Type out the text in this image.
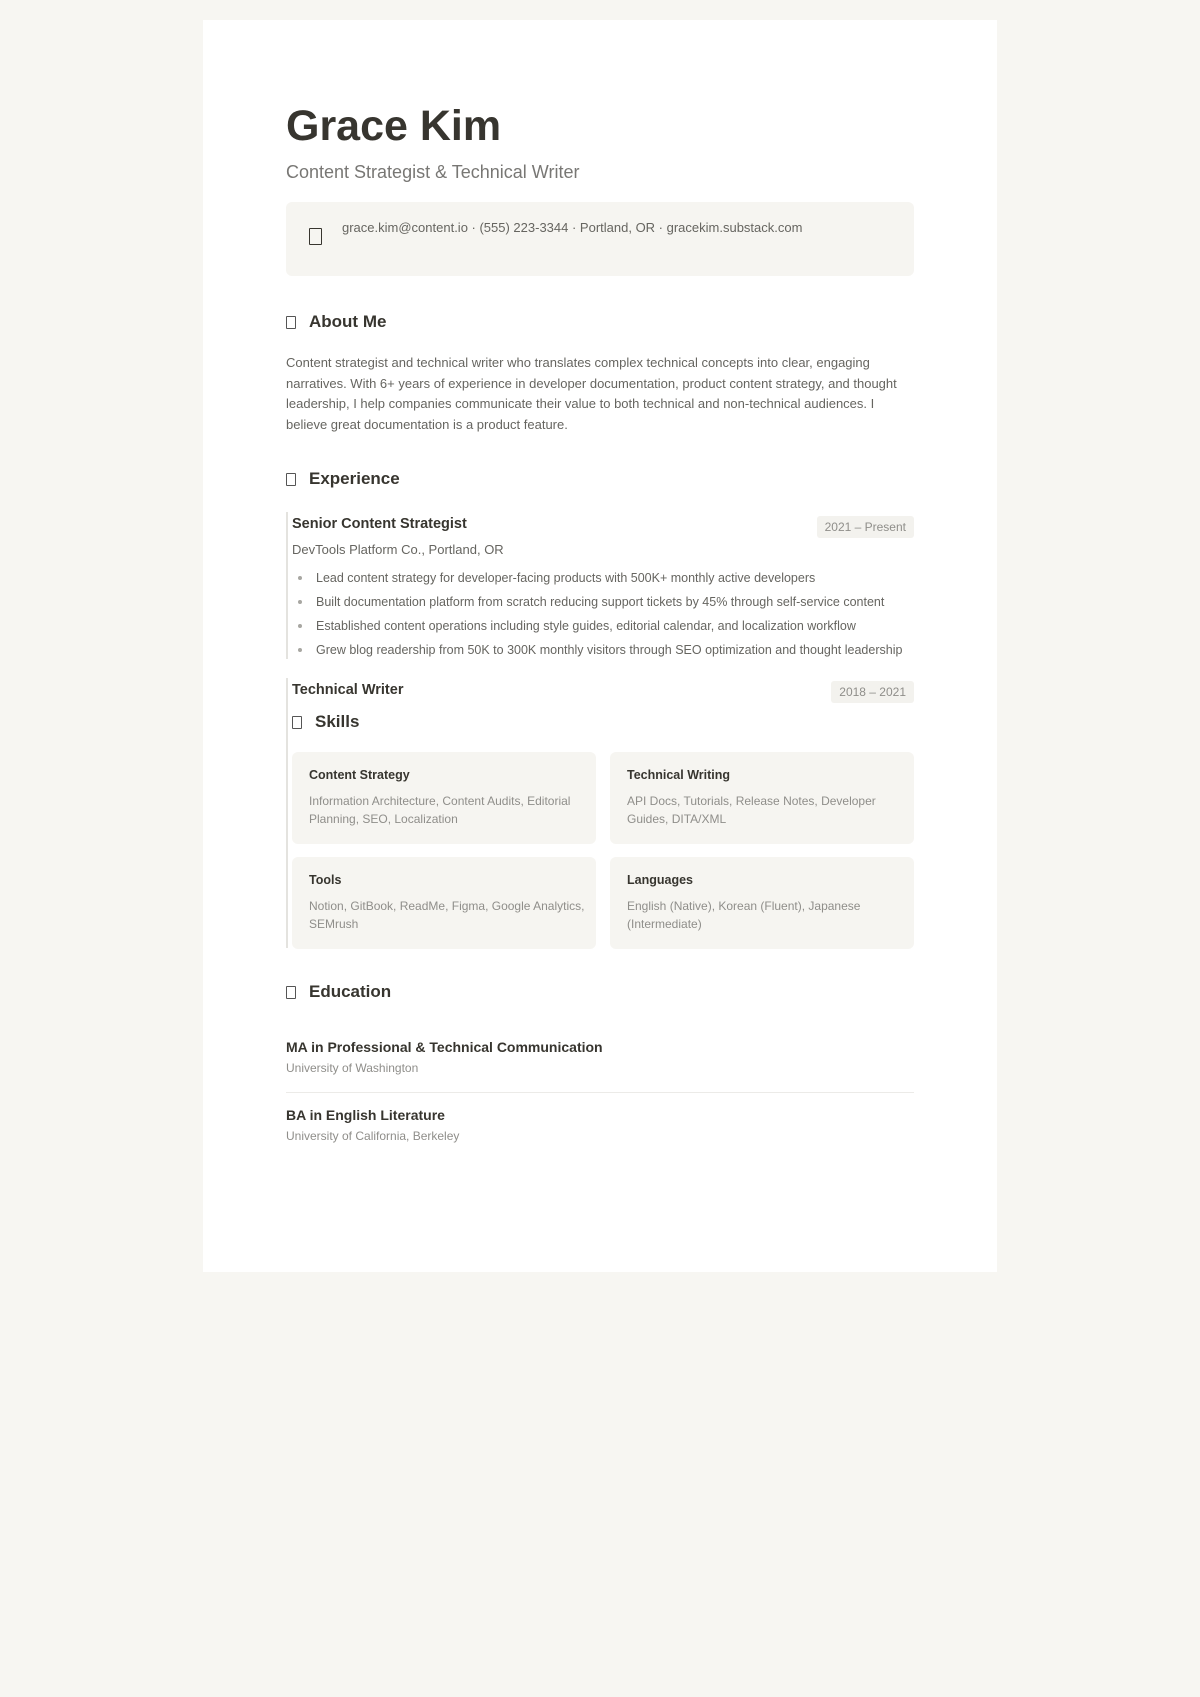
Grace Kim
Content Strategist & Technical Writer
grace.kim@content.io · (555) 223-3344 · Portland, OR · gracekim.substack.com
About Me
Content strategist and technical writer who translates complex technical concepts into clear, engaging narratives. With 6+ years of experience in developer documentation, product content strategy, and thought leadership, I help companies communicate their value to both technical and non-technical audiences. I believe great documentation is a product feature.
Experience
Senior Content Strategist	2021 – Present
DevTools Platform Co., Portland, OR
Lead content strategy for developer-facing products with 500K+ monthly active developers
Built documentation platform from scratch reducing support tickets by 45% through self-service content
Established content operations including style guides, editorial calendar, and localization workflow
Grew blog readership from 50K to 300K monthly visitors through SEO optimization and thought leadership
Technical Writer	2018 – 2021
Skills
Content Strategy
Information Architecture, Content Audits, Editorial Planning, SEO, Localization
Technical Writing
API Docs, Tutorials, Release Notes, Developer Guides, DITA/XML
Tools
Notion, GitBook, ReadMe, Figma, Google Analytics, SEMrush
Languages
English (Native), Korean (Fluent), Japanese (Intermediate)
Education
MA in Professional & Technical Communication
University of Washington
BA in English Literature
University of California, Berkeley
